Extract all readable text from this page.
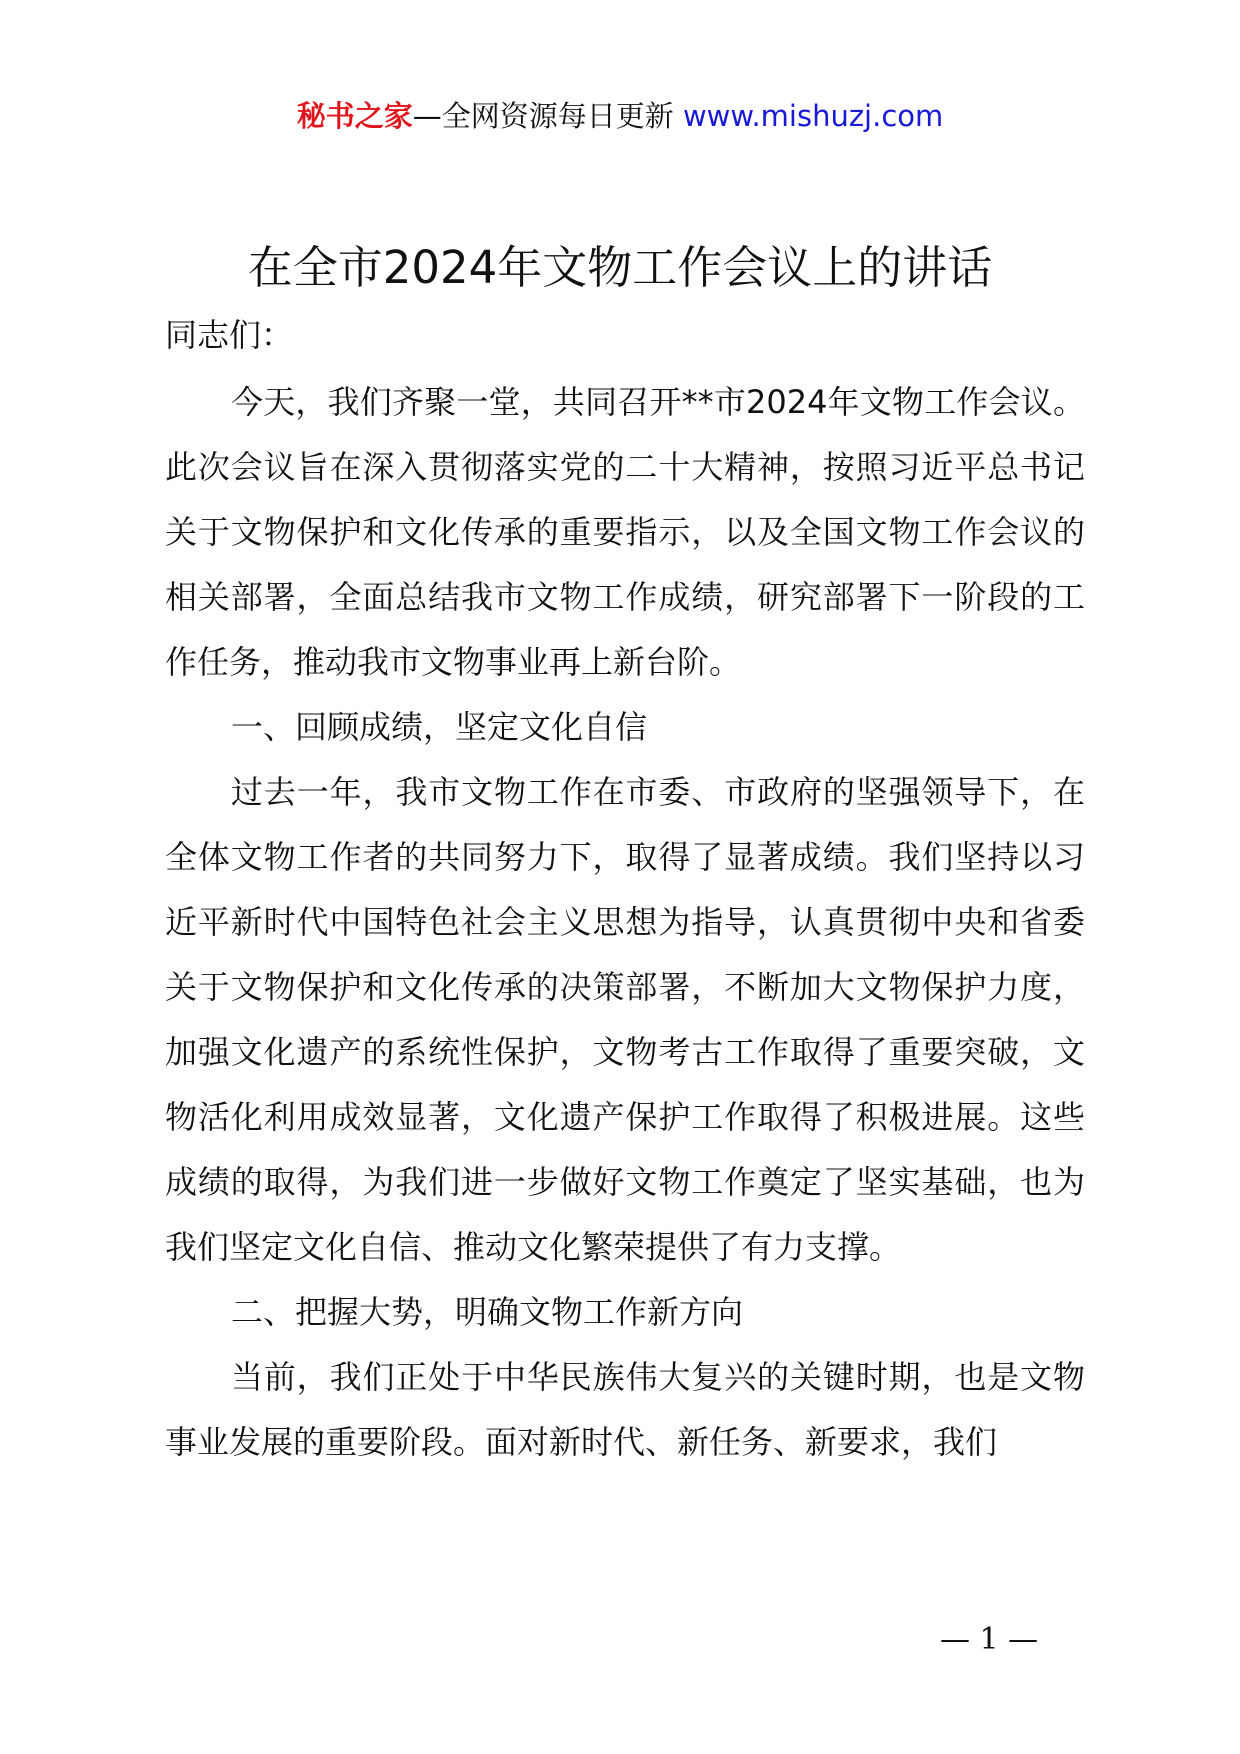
秘书之家—全网资源每日更新 www.mishuzj.com
在全市2024年文物工作会议上的讲话

同志们：

今天，我们齐聚一堂，共同召开**市2024年文物工作会议。此次会议旨在深入贯彻落实党的二十大精神，按照习近平总书记关于文物保护和文化传承的重要指示，以及全国文物工作会议的相关部署，全面总结我市文物工作成绩，研究部署下一阶段的工作任务，推动我市文物事业再上新台阶。

一、回顾成绩，坚定文化自信

过去一年，我市文物工作在市委、市政府的坚强领导下，在全体文物工作者的共同努力下，取得了显著成绩。我们坚持以习近平新时代中国特色社会主义思想为指导，认真贯彻中央和省委关于文物保护和文化传承的决策部署，不断加大文物保护力度，加强文化遗产的系统性保护，文物考古工作取得了重要突破，文物活化利用成效显著，文化遗产保护工作取得了积极进展。这些成绩的取得，为我们进一步做好文物工作奠定了坚实基础，也为我们坚定文化自信、推动文化繁荣提供了有力支撑。

二、把握大势，明确文物工作新方向

当前，我们正处于中华民族伟大复兴的关键时期，也是文物事业发展的重要阶段。面对新时代、新任务、新要求，我们

— 1 —
